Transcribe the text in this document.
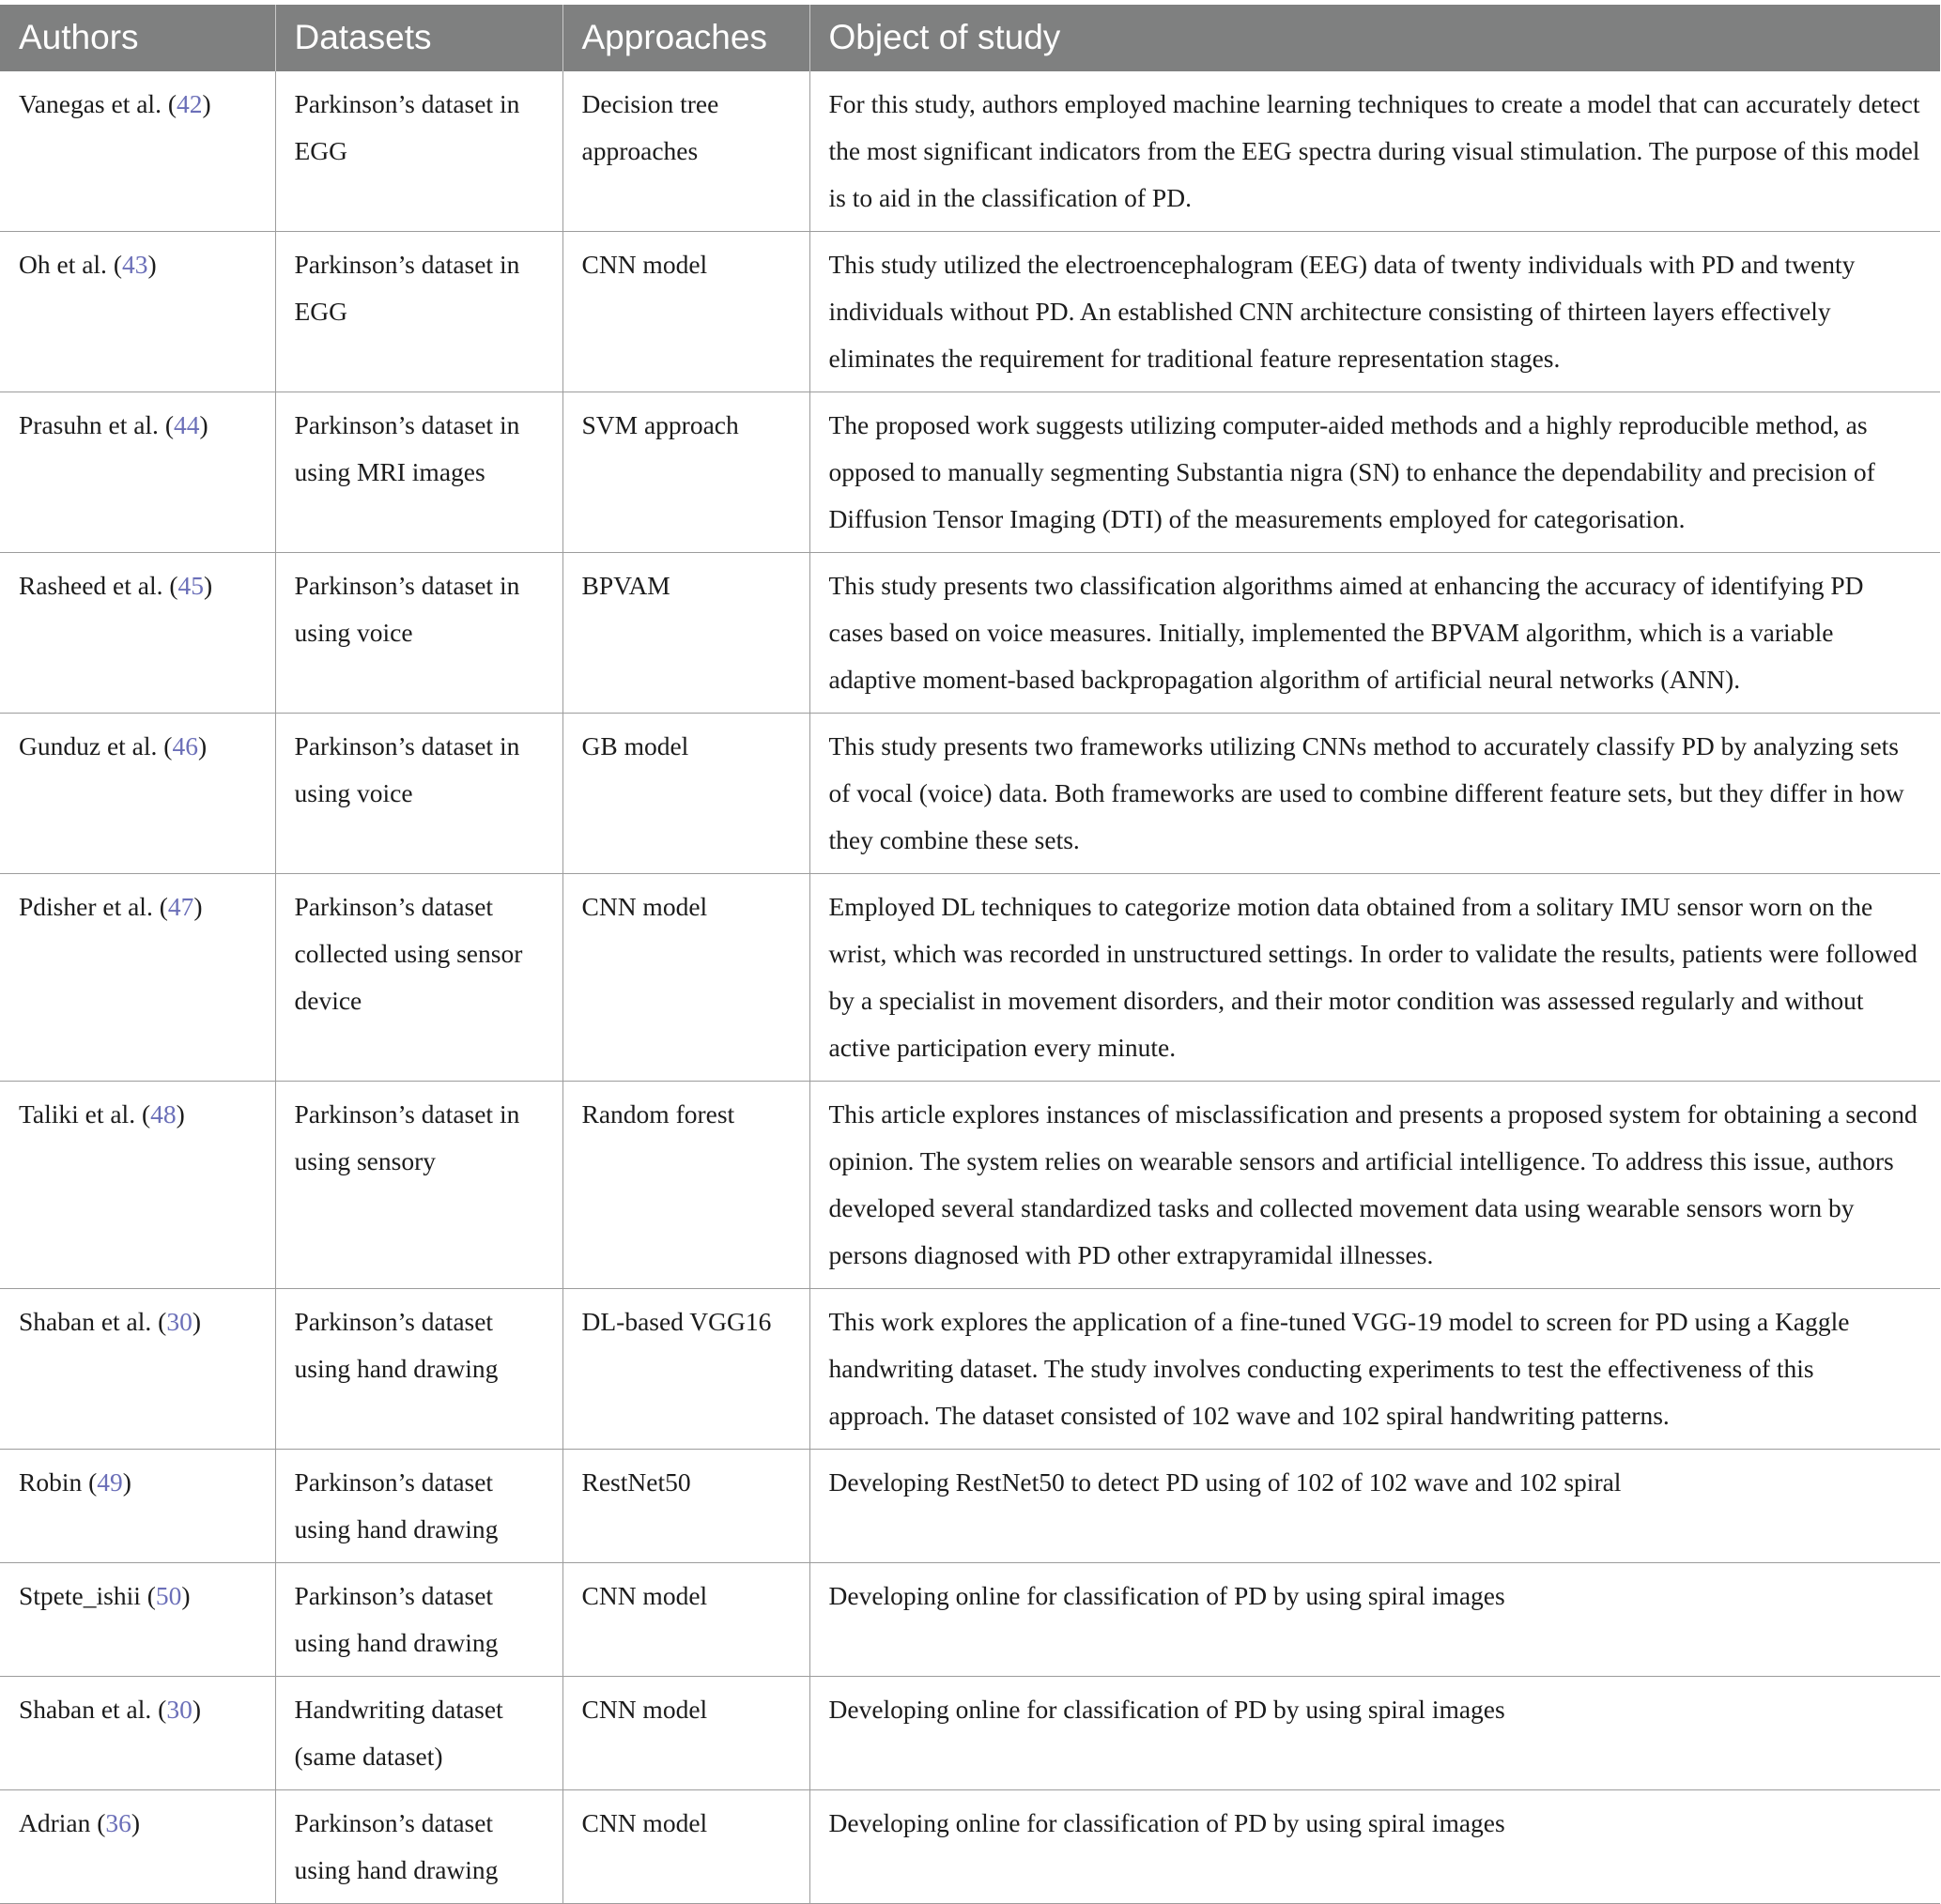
Authors	Datasets	Approaches	Object of study
Vanegas et al. (42)	Parkinson’s dataset in EGG	Decision tree approaches	For this study, authors employed machine learning techniques to create a model that can accurately detect the most significant indicators from the EEG spectra during visual stimulation. The purpose of this model is to aid in the classification of PD.
Oh et al. (43)	Parkinson’s dataset in EGG	CNN model	This study utilized the electroencephalogram (EEG) data of twenty individuals with PD and twenty individuals without PD. An established CNN architecture consisting of thirteen layers effectively eliminates the requirement for traditional feature representation stages.
Prasuhn et al. (44)	Parkinson’s dataset in using MRI images	SVM approach	The proposed work suggests utilizing computer-aided methods and a highly reproducible method, as opposed to manually segmenting Substantia nigra (SN) to enhance the dependability and precision of Diffusion Tensor Imaging (DTI) of the measurements employed for categorisation.
Rasheed et al. (45)	Parkinson’s dataset in using voice	BPVAM	This study presents two classification algorithms aimed at enhancing the accuracy of identifying PD cases based on voice measures. Initially, implemented the BPVAM algorithm, which is a variable adaptive moment-based backpropagation algorithm of artificial neural networks (ANN).
Gunduz et al. (46)	Parkinson’s dataset in using voice	GB model	This study presents two frameworks utilizing CNNs method to accurately classify PD by analyzing sets of vocal (voice) data. Both frameworks are used to combine different feature sets, but they differ in how they combine these sets.
Pdisher et al. (47)	Parkinson’s dataset collected using sensor device	CNN model	Employed DL techniques to categorize motion data obtained from a solitary IMU sensor worn on the wrist, which was recorded in unstructured settings. In order to validate the results, patients were followed by a specialist in movement disorders, and their motor condition was assessed regularly and without active participation every minute.
Taliki et al. (48)	Parkinson’s dataset in using sensory	Random forest	This article explores instances of misclassification and presents a proposed system for obtaining a second opinion. The system relies on wearable sensors and artificial intelligence. To address this issue, authors developed several standardized tasks and collected movement data using wearable sensors worn by persons diagnosed with PD other extrapyramidal illnesses.
Shaban et al. (30)	Parkinson’s dataset using hand drawing	DL-based VGG16	This work explores the application of a fine-tuned VGG-19 model to screen for PD using a Kaggle handwriting dataset. The study involves conducting experiments to test the effectiveness of this approach. The dataset consisted of 102 wave and 102 spiral handwriting patterns.
Robin (49)	Parkinson’s dataset using hand drawing	RestNet50	Developing RestNet50 to detect PD using of 102 of 102 wave and 102 spiral
Stpete_ishii (50)	Parkinson’s dataset using hand drawing	CNN model	Developing online for classification of PD by using spiral images
Shaban et al. (30)	Handwriting dataset (same dataset)	CNN model	Developing online for classification of PD by using spiral images
Adrian (36)	Parkinson’s dataset using hand drawing	CNN model	Developing online for classification of PD by using spiral images
